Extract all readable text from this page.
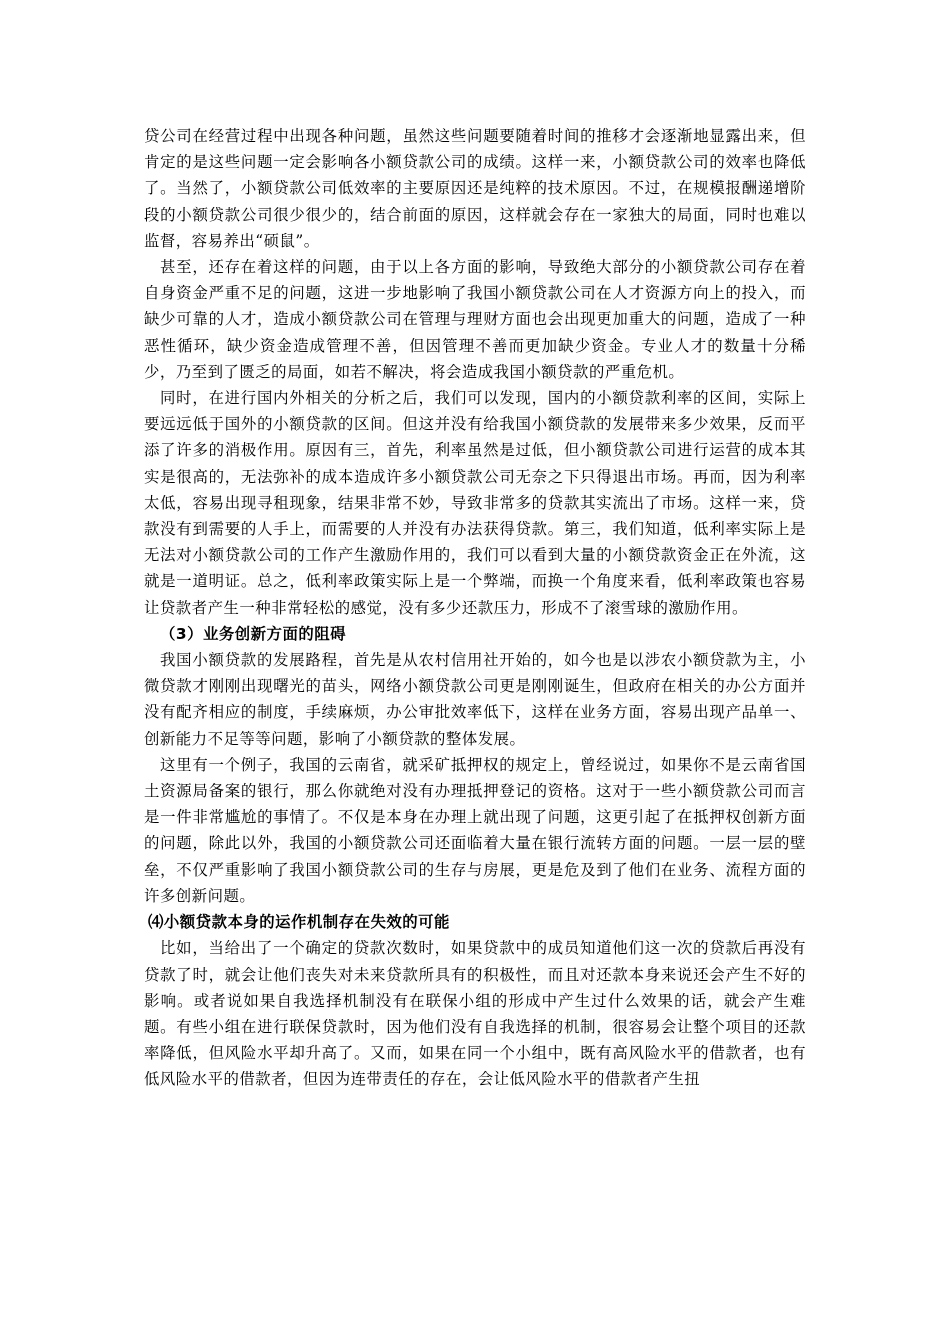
贷公司在经营过程中出现各种问题，虽然这些问题要随着时间的推移才会逐渐地显露出来，但肯定的是这些问题一定会影响各小额贷款公司的成绩。这样一来，小额贷款公司的效率也降低了。当然了，小额贷款公司低效率的主要原因还是纯粹的技术原因。不过，在规模报酬递增阶段的小额贷款公司很少很少的，结合前面的原因，这样就会存在一家独大的局面，同时也难以监督，容易养出“硕鼠”。

甚至，还存在着这样的问题，由于以上各方面的影响，导致绝大部分的小额贷款公司存在着自身资金严重不足的问题，这进一步地影响了我国小额贷款公司在人才资源方向上的投入，而缺少可靠的人才，造成小额贷款公司在管理与理财方面也会出现更加重大的问题，造成了一种恶性循环，缺少资金造成管理不善，但因管理不善而更加缺少资金。专业人才的数量十分稀少，乃至到了匮乏的局面，如若不解决，将会造成我国小额贷款的严重危机。

同时，在进行国内外相关的分析之后，我们可以发现，国内的小额贷款利率的区间，实际上要远远低于国外的小额贷款的区间。但这并没有给我国小额贷款的发展带来多少效果，反而平添了许多的消极作用。原因有三，首先，利率虽然是过低，但小额贷款公司进行运营的成本其实是很高的，无法弥补的成本造成许多小额贷款公司无奈之下只得退出市场。再而，因为利率太低，容易出现寻租现象，结果非常不妙，导致非常多的贷款其实流出了市场。这样一来，贷款没有到需要的人手上，而需要的人并没有办法获得贷款。第三，我们知道，低利率实际上是无法对小额贷款公司的工作产生激励作用的，我们可以看到大量的小额贷款资金正在外流，这就是一道明证。总之，低利率政策实际上是一个弊端，而换一个角度来看，低利率政策也容易让贷款者产生一种非常轻松的感觉，没有多少还款压力，形成不了滚雪球的激励作用。

（3）业务创新方面的阻碍

我国小额贷款的发展路程，首先是从农村信用社开始的，如今也是以涉农小额贷款为主，小微贷款才刚刚出现曙光的苗头，网络小额贷款公司更是刚刚诞生，但政府在相关的办公方面并没有配齐相应的制度，手续麻烦，办公审批效率低下，这样在业务方面，容易出现产品单一、创新能力不足等等问题，影响了小额贷款的整体发展。

这里有一个例子，我国的云南省，就采矿抵押权的规定上，曾经说过，如果你不是云南省国土资源局备案的银行，那么你就绝对没有办理抵押登记的资格。这对于一些小额贷款公司而言是一件非常尴尬的事情了。不仅是本身在办理上就出现了问题，这更引起了在抵押权创新方面的问题，除此以外，我国的小额贷款公司还面临着大量在银行流转方面的问题。一层一层的壁垒，不仅严重影响了我国小额贷款公司的生存与房展，更是危及到了他们在业务、流程方面的许多创新问题。

⑷小额贷款本身的运作机制存在失效的可能

比如，当给出了一个确定的贷款次数时，如果贷款中的成员知道他们这一次的贷款后再没有贷款了时，就会让他们丧失对未来贷款所具有的积极性，而且对还款本身来说还会产生不好的影响。或者说如果自我选择机制没有在联保小组的形成中产生过什么效果的话，就会产生难题。有些小组在进行联保贷款时，因为他们没有自我选择的机制，很容易会让整个项目的还款率降低，但风险水平却升高了。又而，如果在同一个小组中，既有高风险水平的借款者，也有低风险水平的借款者，但因为连带责任的存在，会让低风险水平的借款者产生扭
